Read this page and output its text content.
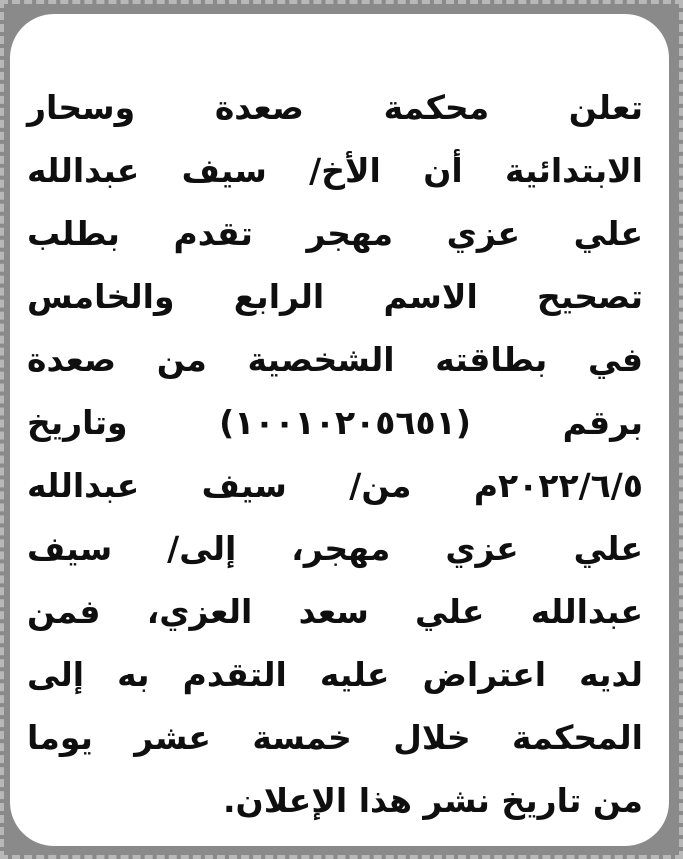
تعلن محكمة صعدة وسحار
الابتدائية أن الأخ/ سيف عبدالله
علي عزي مهجر تقدم بطلب
تصحيح الاسم الرابع والخامس
في بطاقته الشخصية من صعدة
برقم (١٠٠١٠٢٠٥٦٥١) وتاريخ
٢٠٢٢/٦/٥م من/ سيف عبدالله
علي عزي مهجر، إلى/ سيف
عبدالله علي سعد العزي، فمن
لديه اعتراض عليه التقدم به إلى
المحكمة خلال خمسة عشر يوما
من تاريخ نشر هذا الإعلان.
